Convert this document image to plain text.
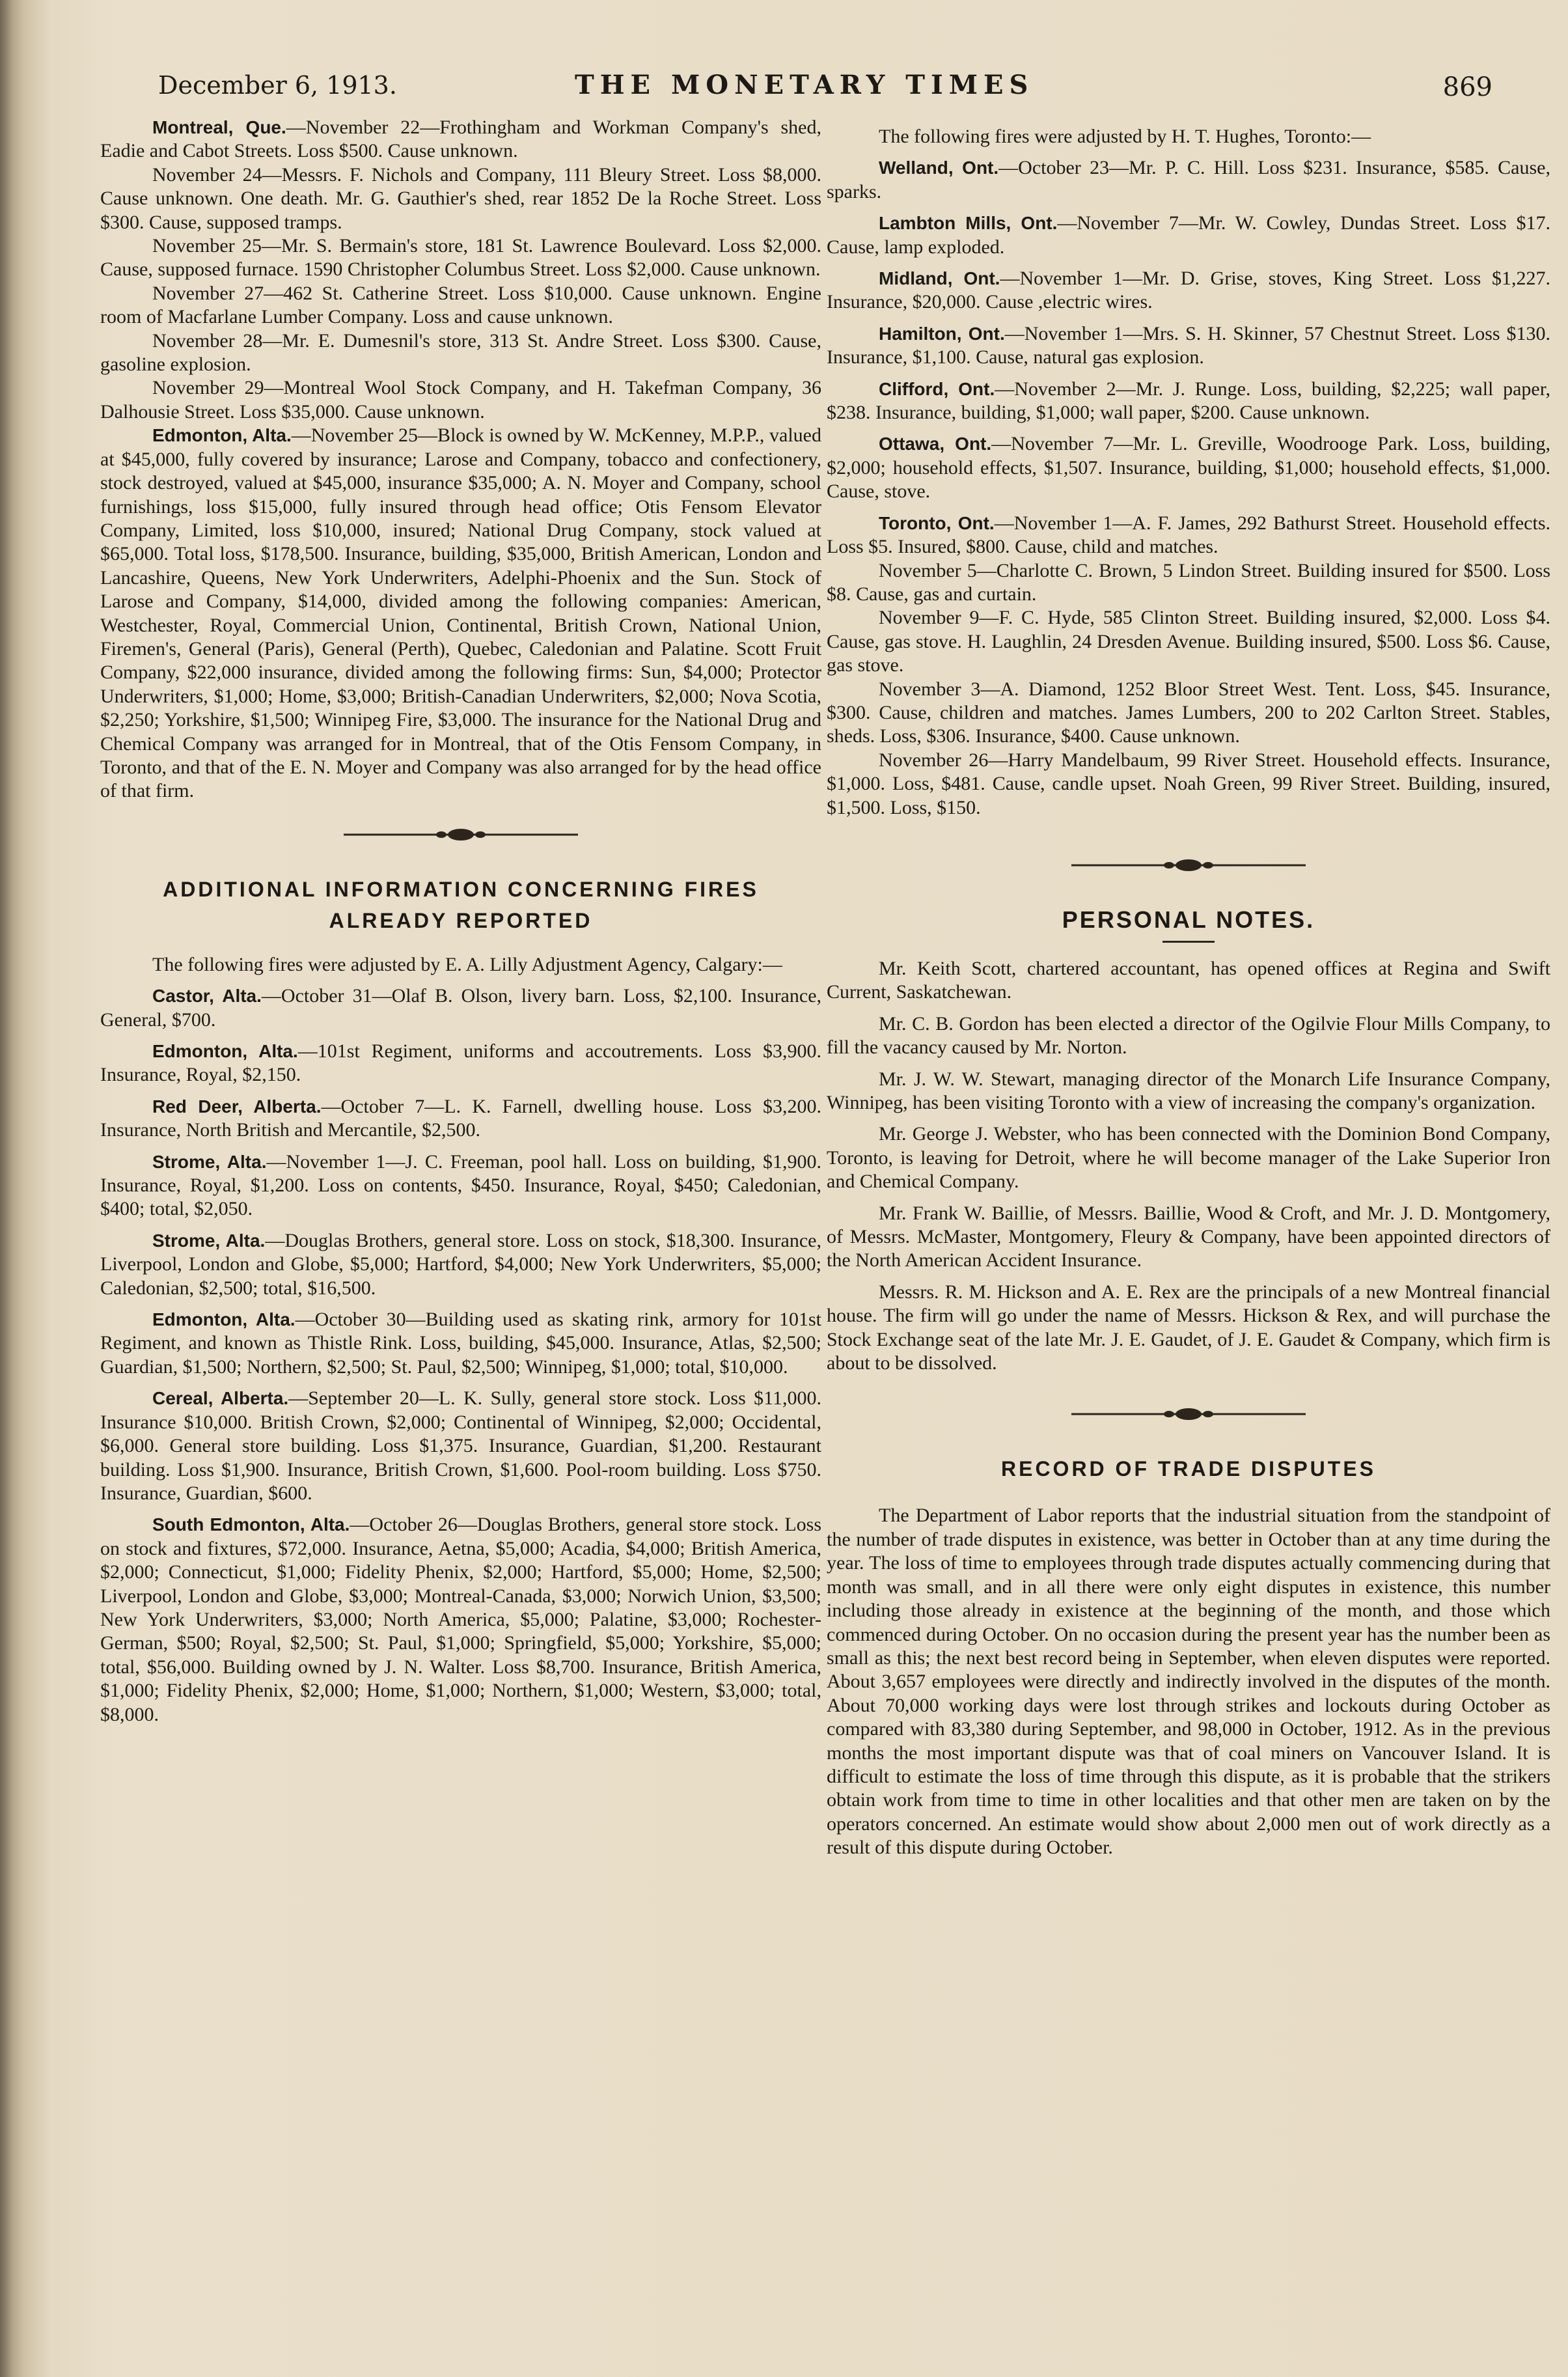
December 6, 1913.	THE MONETARY TIMES	869

Montreal, Que.—November 22—Frothingham and Workman Company's shed, Eadie and Cabot Streets. Loss $500. Cause unknown.

November 24—Messrs. F. Nichols and Company, 111 Bleury Street. Loss $8,000. Cause unknown. One death. Mr. G. Gauthier's shed, rear 1852 De la Roche Street. Loss $300. Cause, supposed tramps.

November 25—Mr. S. Bermain's store, 181 St. Lawrence Boulevard. Loss $2,000. Cause, supposed furnace. 1590 Christopher Columbus Street. Loss $2,000. Cause unknown.

November 27—462 St. Catherine Street. Loss $10,000. Cause unknown. Engine room of Macfarlane Lumber Company. Loss and cause unknown.

November 28—Mr. E. Dumesnil's store, 313 St. Andre Street. Loss $300. Cause, gasoline explosion.

November 29—Montreal Wool Stock Company, and H. Takefman Company, 36 Dalhousie Street. Loss $35,000. Cause unknown.

Edmonton, Alta.—November 25—Block is owned by W. McKenney, M.P.P., valued at $45,000, fully covered by insurance; Larose and Company, tobacco and confectionery, stock destroyed, valued at $45,000, insurance $35,000; A. N. Moyer and Company, school furnishings, loss $15,000, fully insured through head office; Otis Fensom Elevator Company, Limited, loss $10,000, insured; National Drug Company, stock valued at $65,000. Total loss, $178,500. Insurance, building, $35,000, British American, London and Lancashire, Queens, New York Underwriters, Adelphi-Phoenix and the Sun. Stock of Larose and Company, $14,000, divided among the following companies: American, Westchester, Royal, Commercial Union, Continental, British Crown, National Union, Firemen's, General (Paris), General (Perth), Quebec, Caledonian and Palatine. Scott Fruit Company, $22,000 insurance, divided among the following firms: Sun, $4,000; Protector Underwriters, $1,000; Home, $3,000; British-Canadian Underwriters, $2,000; Nova Scotia, $2,250; Yorkshire, $1,500; Winnipeg Fire, $3,000. The insurance for the National Drug and Chemical Company was arranged for in Montreal, that of the Otis Fensom Company, in Toronto, and that of the E. N. Moyer and Company was also arranged for by the head office of that firm.

ADDITIONAL INFORMATION CONCERNING FIRES
ALREADY REPORTED

The following fires were adjusted by E. A. Lilly Adjustment Agency, Calgary:—

Castor, Alta.—October 31—Olaf B. Olson, livery barn. Loss, $2,100. Insurance, General, $700.

Edmonton, Alta.—101st Regiment, uniforms and accoutrements. Loss $3,900. Insurance, Royal, $2,150.

Red Deer, Alberta.—October 7—L. K. Farnell, dwelling house. Loss $3,200. Insurance, North British and Mercantile, $2,500.

Strome, Alta.—November 1—J. C. Freeman, pool hall. Loss on building, $1,900. Insurance, Royal, $1,200. Loss on contents, $450. Insurance, Royal, $450; Caledonian, $400; total, $2,050.

Strome, Alta.—Douglas Brothers, general store. Loss on stock, $18,300. Insurance, Liverpool, London and Globe, $5,000; Hartford, $4,000; New York Underwriters, $5,000; Caledonian, $2,500; total, $16,500.

Edmonton, Alta.—October 30—Building used as skating rink, armory for 101st Regiment, and known as Thistle Rink. Loss, building, $45,000. Insurance, Atlas, $2,500; Guardian, $1,500; Northern, $2,500; St. Paul, $2,500; Winnipeg, $1,000; total, $10,000.

Cereal, Alberta.—September 20—L. K. Sully, general store stock. Loss $11,000. Insurance $10,000. British Crown, $2,000; Continental of Winnipeg, $2,000; Occidental, $6,000. General store building. Loss $1,375. Insurance, Guardian, $1,200. Restaurant building. Loss $1,900. Insurance, British Crown, $1,600. Pool-room building. Loss $750. Insurance, Guardian, $600.

South Edmonton, Alta.—October 26—Douglas Brothers, general store stock. Loss on stock and fixtures, $72,000. Insurance, Aetna, $5,000; Acadia, $4,000; British America, $2,000; Connecticut, $1,000; Fidelity Phenix, $2,000; Hartford, $5,000; Home, $2,500; Liverpool, London and Globe, $3,000; Montreal-Canada, $3,000; Norwich Union, $3,500; New York Underwriters, $3,000; North America, $5,000; Palatine, $3,000; Rochester-German, $500; Royal, $2,500; St. Paul, $1,000; Springfield, $5,000; Yorkshire, $5,000; total, $56,000. Building owned by J. N. Walter. Loss $8,700. Insurance, British America, $1,000; Fidelity Phenix, $2,000; Home, $1,000; Northern, $1,000; Western, $3,000; total, $8,000.

The following fires were adjusted by H. T. Hughes, Toronto:—

Welland, Ont.—October 23—Mr. P. C. Hill. Loss $231. Insurance, $585. Cause, sparks.

Lambton Mills, Ont.—November 7—Mr. W. Cowley, Dundas Street. Loss $17. Cause, lamp exploded.

Midland, Ont.—November 1—Mr. D. Grise, stoves, King Street. Loss $1,227. Insurance, $20,000. Cause ,electric wires.

Hamilton, Ont.—November 1—Mrs. S. H. Skinner, 57 Chestnut Street. Loss $130. Insurance, $1,100. Cause, natural gas explosion.

Clifford, Ont.—November 2—Mr. J. Runge. Loss, building, $2,225; wall paper, $238. Insurance, building, $1,000; wall paper, $200. Cause unknown.

Ottawa, Ont.—November 7—Mr. L. Greville, Woodrooge Park. Loss, building, $2,000; household effects, $1,507. Insurance, building, $1,000; household effects, $1,000. Cause, stove.

Toronto, Ont.—November 1—A. F. James, 292 Bathurst Street. Household effects. Loss $5. Insured, $800. Cause, child and matches.

November 5—Charlotte C. Brown, 5 Lindon Street. Building insured for $500. Loss $8. Cause, gas and curtain.

November 9—F. C. Hyde, 585 Clinton Street. Building insured, $2,000. Loss $4. Cause, gas stove. H. Laughlin, 24 Dresden Avenue. Building insured, $500. Loss $6. Cause, gas stove.

November 3—A. Diamond, 1252 Bloor Street West. Tent. Loss, $45. Insurance, $300. Cause, children and matches. James Lumbers, 200 to 202 Carlton Street. Stables, sheds. Loss, $306. Insurance, $400. Cause unknown.

November 26—Harry Mandelbaum, 99 River Street. Household effects. Insurance, $1,000. Loss, $481. Cause, candle upset. Noah Green, 99 River Street. Building, insured, $1,500. Loss, $150.

PERSONAL NOTES.

Mr. Keith Scott, chartered accountant, has opened offices at Regina and Swift Current, Saskatchewan.

Mr. C. B. Gordon has been elected a director of the Ogilvie Flour Mills Company, to fill the vacancy caused by Mr. Norton.

Mr. J. W. W. Stewart, managing director of the Monarch Life Insurance Company, Winnipeg, has been visiting Toronto with a view of increasing the company's organization.

Mr. George J. Webster, who has been connected with the Dominion Bond Company, Toronto, is leaving for Detroit, where he will become manager of the Lake Superior Iron and Chemical Company.

Mr. Frank W. Baillie, of Messrs. Baillie, Wood & Croft, and Mr. J. D. Montgomery, of Messrs. McMaster, Montgomery, Fleury & Company, have been appointed directors of the North American Accident Insurance.

Messrs. R. M. Hickson and A. E. Rex are the principals of a new Montreal financial house. The firm will go under the name of Messrs. Hickson & Rex, and will purchase the Stock Exchange seat of the late Mr. J. E. Gaudet, of J. E. Gaudet & Company, which firm is about to be dissolved.

RECORD OF TRADE DISPUTES

The Department of Labor reports that the industrial situation from the standpoint of the number of trade disputes in existence, was better in October than at any time during the year. The loss of time to employees through trade disputes actually commencing during that month was small, and in all there were only eight disputes in existence, this number including those already in existence at the beginning of the month, and those which commenced during October. On no occasion during the present year has the number been as small as this; the next best record being in September, when eleven disputes were reported. About 3,657 employees were directly and indirectly involved in the disputes of the month. About 70,000 working days were lost through strikes and lockouts during October as compared with 83,380 during September, and 98,000 in October, 1912. As in the previous months the most important dispute was that of coal miners on Vancouver Island. It is difficult to estimate the loss of time through this dispute, as it is probable that the strikers obtain work from time to time in other localities and that other men are taken on by the operators concerned. An estimate would show about 2,000 men out of work directly as a result of this dispute during October.
